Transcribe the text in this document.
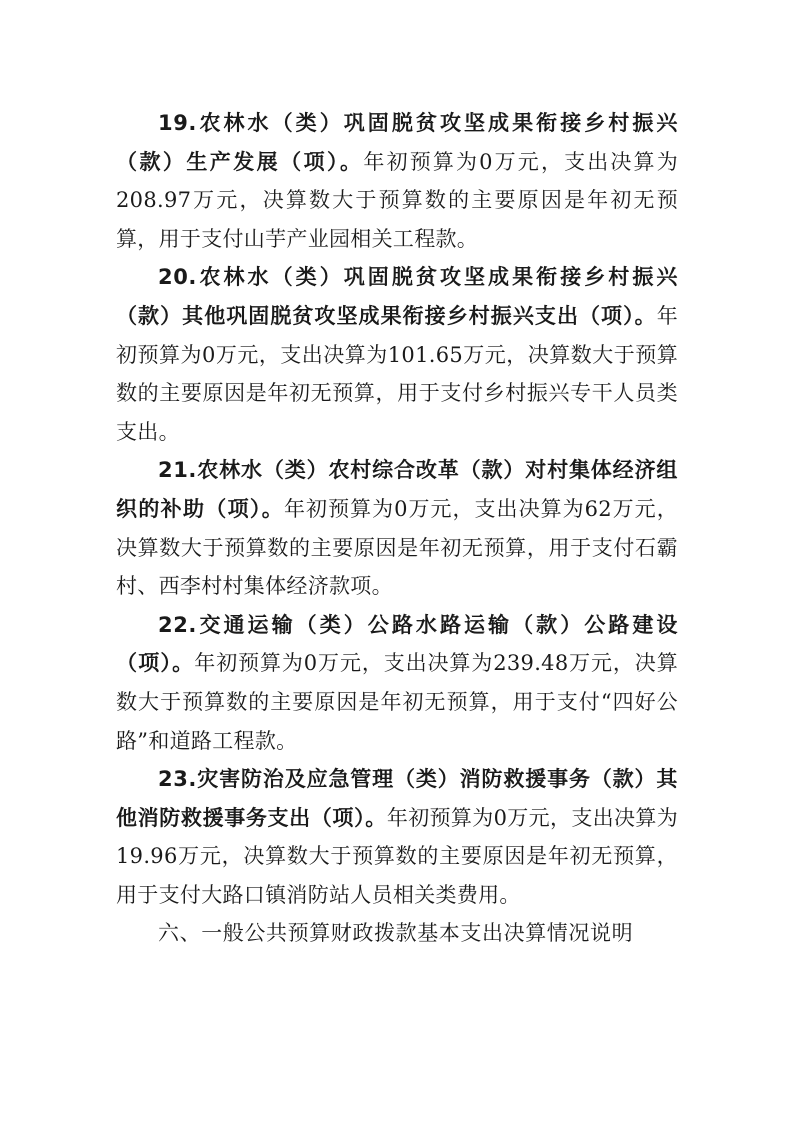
19.农林水（类）巩固脱贫攻坚成果衔接乡村振兴（款）生产发展（项）。年初预算为0万元，支出决算为208.97万元，决算数大于预算数的主要原因是年初无预算，用于支付山芋产业园相关工程款。

20.农林水（类）巩固脱贫攻坚成果衔接乡村振兴（款）其他巩固脱贫攻坚成果衔接乡村振兴支出（项）。年初预算为0万元，支出决算为101.65万元，决算数大于预算数的主要原因是年初无预算，用于支付乡村振兴专干人员类支出。

21.农林水（类）农村综合改革（款）对村集体经济组织的补助（项）。年初预算为0万元，支出决算为62万元，决算数大于预算数的主要原因是年初无预算，用于支付石霸村、西李村村集体经济款项。

22.交通运输（类）公路水路运输（款）公路建设（项）。年初预算为0万元，支出决算为239.48万元，决算数大于预算数的主要原因是年初无预算，用于支付“四好公路”和道路工程款。

23.灾害防治及应急管理（类）消防救援事务（款）其他消防救援事务支出（项）。年初预算为0万元，支出决算为19.96万元，决算数大于预算数的主要原因是年初无预算，用于支付大路口镇消防站人员相关类费用。

六、一般公共预算财政拨款基本支出决算情况说明
